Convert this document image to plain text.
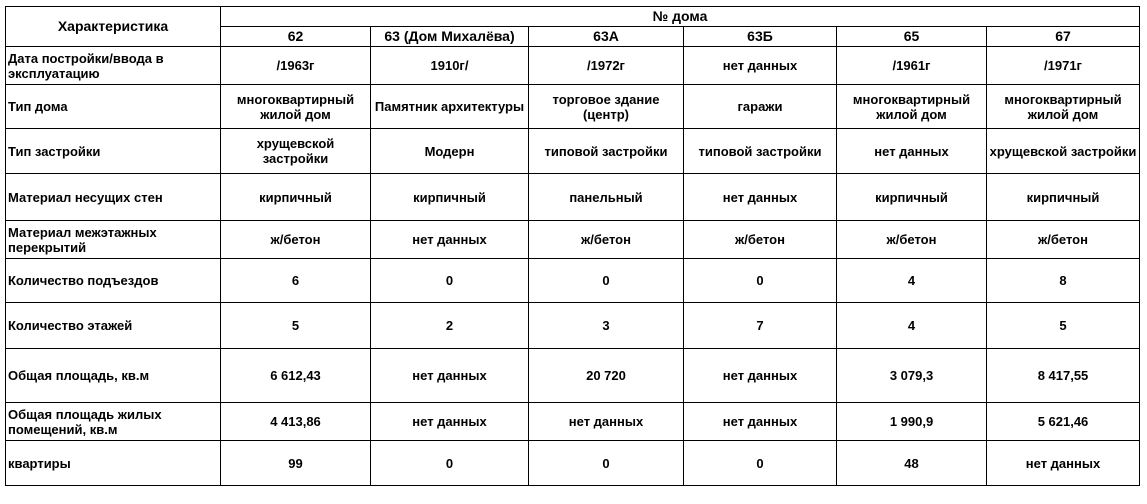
Характеристика	№ дома					
	62	63 (Дом Михалёва)	63А	63Б	65	67
Дата постройки/ввода в эксплуатацию	/1963г	1910г/	/1972г	нет данных	/1961г	/1971г
Тип дома	многоквартирный жилой дом	Памятник архитектуры	торговое здание (центр)	гаражи	многоквартирный жилой дом	многоквартирный жилой дом
Тип застройки	хрущевской застройки	Модерн	типовой застройки	типовой застройки	нет данных	хрущевской застройки
Материал несущих стен	кирпичный	кирпичный	панельный	нет данных	кирпичный	кирпичный
Материал межэтажных перекрытий	ж/бетон	нет данных	ж/бетон	ж/бетон	ж/бетон	ж/бетон
Количество подъездов	6	0	0	0	4	8
Количество этажей	5	2	3	7	4	5
Общая площадь, кв.м	6 612,43	нет данных	20 720	нет данных	3 079,3	8 417,55
Общая площадь жилых помещений, кв.м	4 413,86	нет данных	нет данных	нет данных	1 990,9	5 621,46
квартиры	99	0	0	0	48	нет данных
